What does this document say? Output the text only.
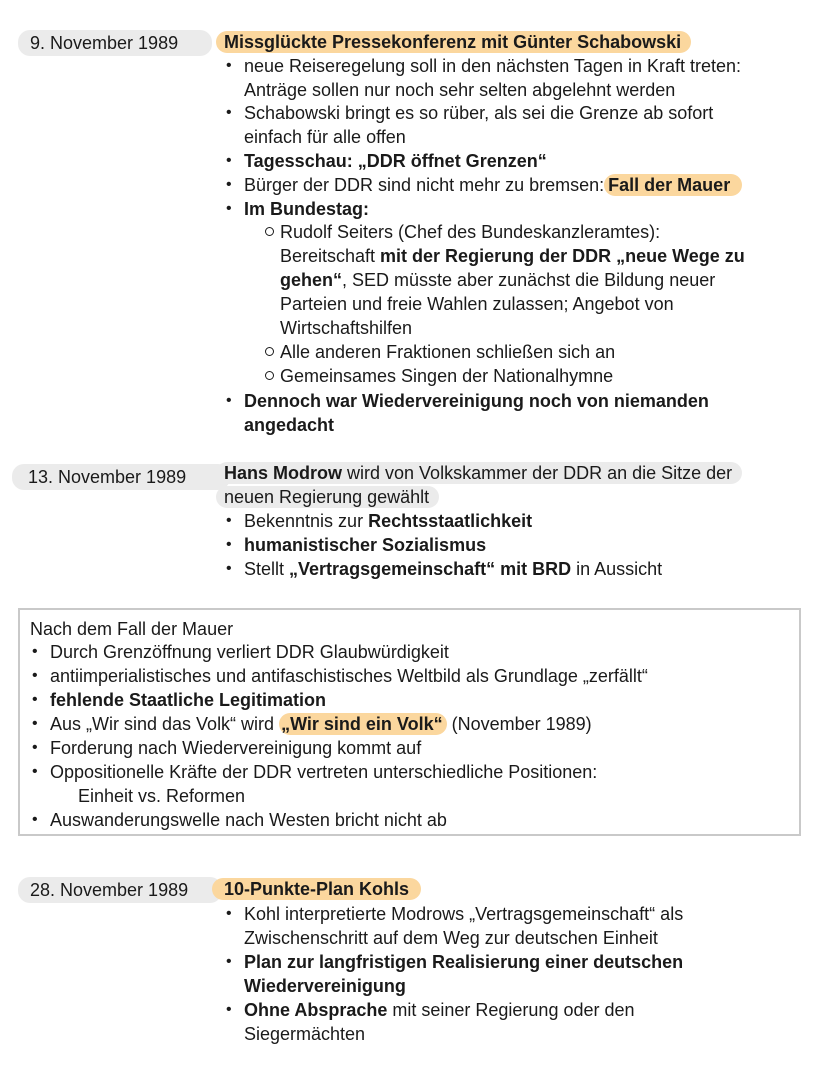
9. November 1989	Missglückte Pressekonferenz mit Günter Schabowski
• neue Reiseregelung soll in den nächsten Tagen in Kraft treten:
Anträge sollen nur noch sehr selten abgelehnt werden
• Schabowski bringt es so rüber, als sei die Grenze ab sofort
einfach für alle offen
• Tagesschau: „DDR öffnet Grenzen“
• Bürger der DDR sind nicht mehr zu bremsen: Fall der Mauer
• Im Bundestag:
Rudolf Seiters (Chef des Bundeskanzleramtes):
Bereitschaft mit der Regierung der DDR „neue Wege zu
gehen“, SED müsste aber zunächst die Bildung neuer
Parteien und freie Wahlen zulassen; Angebot von
Wirtschaftshilfen
Alle anderen Fraktionen schließen sich an
Gemeinsames Singen der Nationalhymne
• Dennoch war Wiedervereinigung noch von niemanden
angedacht
13. November 1989	Hans Modrow wird von Volkskammer der DDR an die Sitze der
neuen Regierung gewählt
• Bekenntnis zur Rechtsstaatlichkeit
• humanistischer Sozialismus
• Stellt „Vertragsgemeinschaft“ mit BRD in Aussicht
Nach dem Fall der Mauer
• Durch Grenzöffnung verliert DDR Glaubwürdigkeit
• antiimperialistisches und antifaschistisches Weltbild als Grundlage „zerfällt“
• fehlende Staatliche Legitimation
• Aus „Wir sind das Volk“ wird „Wir sind ein Volk“ (November 1989)
• Forderung nach Wiedervereinigung kommt auf
• Oppositionelle Kräfte der DDR vertreten unterschiedliche Positionen:
Einheit vs. Reformen
• Auswanderungswelle nach Westen bricht nicht ab
28. November 1989	10-Punkte-Plan Kohls
• Kohl interpretierte Modrows „Vertragsgemeinschaft“ als
Zwischenschritt auf dem Weg zur deutschen Einheit
• Plan zur langfristigen Realisierung einer deutschen
Wiedervereinigung
• Ohne Absprache mit seiner Regierung oder den
Siegermächten
